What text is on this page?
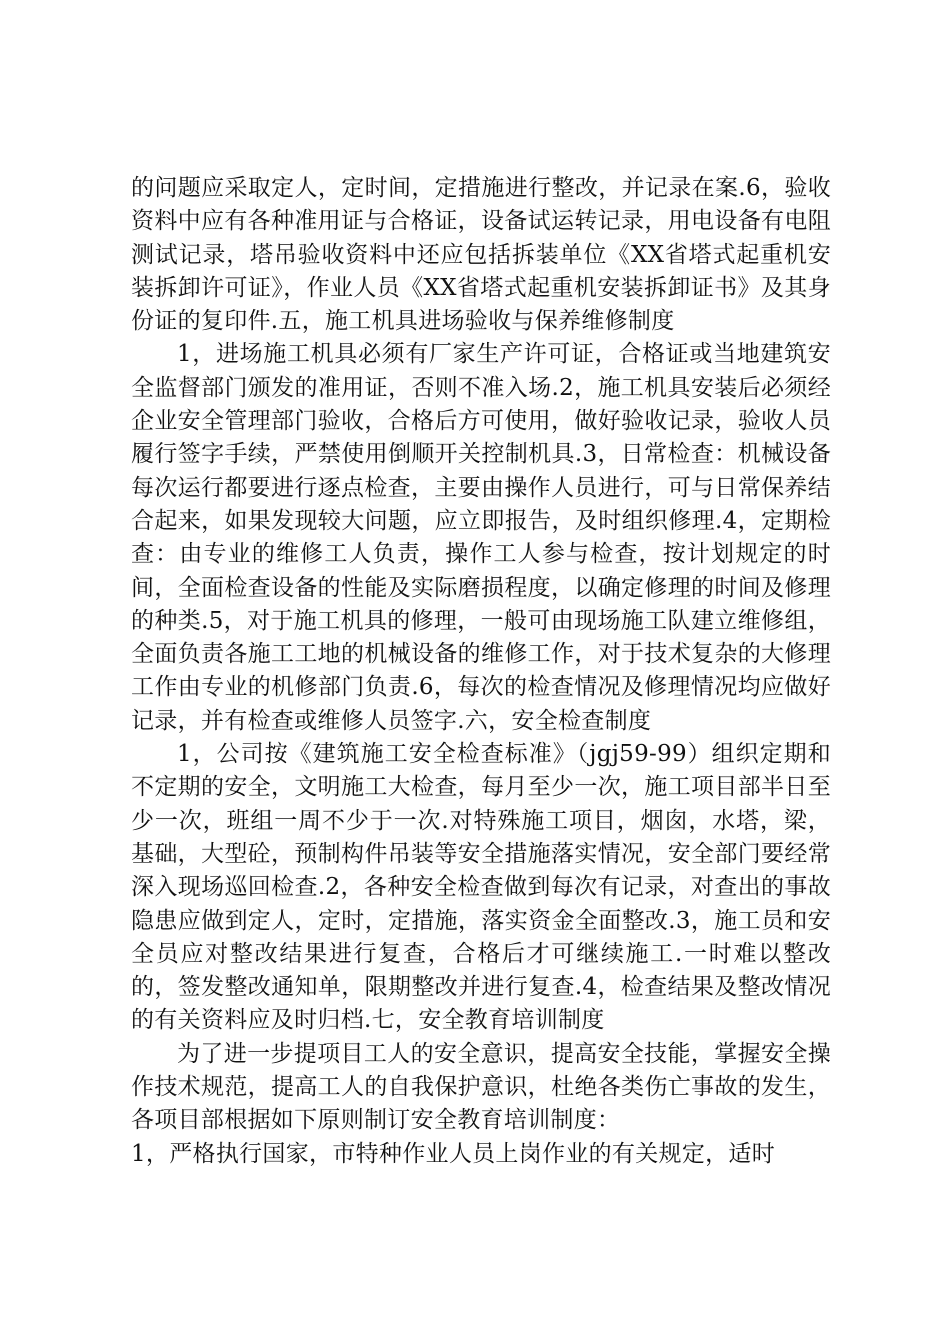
的问题应采取定人，定时间，定措施进行整改，并记录在案.6，验收资料中应有各种准用证与合格证，设备试运转记录，用电设备有电阻测试记录，塔吊验收资料中还应包括拆装单位《XX省塔式起重机安装拆卸许可证》，作业人员《XX省塔式起重机安装拆卸证书》及其身份证的复印件.五，施工机具进场验收与保养维修制度

1，进场施工机具必须有厂家生产许可证，合格证或当地建筑安全监督部门颁发的准用证，否则不准入场.2，施工机具安装后必须经企业安全管理部门验收，合格后方可使用，做好验收记录，验收人员履行签字手续，严禁使用倒顺开关控制机具.3，日常检查：机械设备每次运行都要进行逐点检查，主要由操作人员进行，可与日常保养结合起来，如果发现较大问题，应立即报告，及时组织修理.4，定期检查：由专业的维修工人负责，操作工人参与检查，按计划规定的时间，全面检查设备的性能及实际磨损程度，以确定修理的时间及修理的种类.5，对于施工机具的修理，一般可由现场施工队建立维修组，全面负责各施工工地的机械设备的维修工作，对于技术复杂的大修理工作由专业的机修部门负责.6，每次的检查情况及修理情况均应做好记录，并有检查或维修人员签字.六，安全检查制度

1，公司按《建筑施工安全检查标准》（jgj59-99）组织定期和不定期的安全，文明施工大检查，每月至少一次，施工项目部半日至少一次，班组一周不少于一次.对特殊施工项目，烟囱，水塔，梁，基础，大型砼，预制构件吊装等安全措施落实情况，安全部门要经常深入现场巡回检查.2，各种安全检查做到每次有记录，对查出的事故隐患应做到定人，定时，定措施，落实资金全面整改.3，施工员和安全员应对整改结果进行复查，合格后才可继续施工.一时难以整改的，签发整改通知单，限期整改并进行复查.4，检查结果及整改情况的有关资料应及时归档.七，安全教育培训制度

为了进一步提项目工人的安全意识，提高安全技能，掌握安全操作技术规范，提高工人的自我保护意识，杜绝各类伤亡事故的发生，各项目部根据如下原则制订安全教育培训制度：

1，严格执行国家，市特种作业人员上岗作业的有关规定，适时
